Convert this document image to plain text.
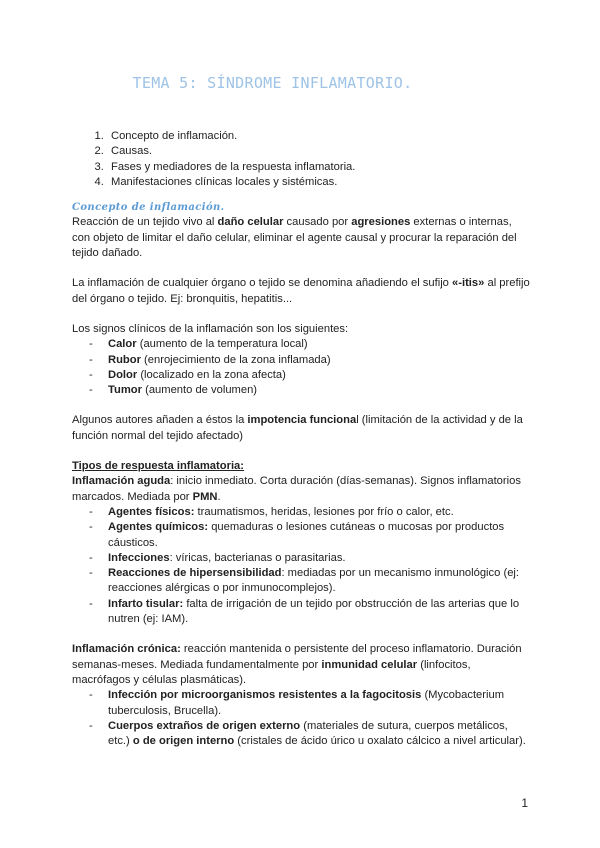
TEMA 5: SÍNDROME INFLAMATORIO.
1. Concepto de inflamación.
2. Causas.
3. Fases y mediadores de la respuesta inflamatoria.
4. Manifestaciones clínicas locales y sistémicas.
Concepto de inflamación.

Reacción de un tejido vivo al daño celular causado por agresiones externas o internas, con objeto de limitar el daño celular, eliminar el agente causal y procurar la reparación del tejido dañado.

La inflamación de cualquier órgano o tejido se denomina añadiendo el sufijo «-itis» al prefijo del órgano o tejido. Ej: bronquitis, hepatitis...

Los signos clínicos de la inflamación son los siguientes:

- Calor (aumento de la temperatura local)
- Rubor (enrojecimiento de la zona inflamada)
- Dolor (localizado en la zona afecta)
- Tumor (aumento de volumen)

Algunos autores añaden a éstos la impotencia funcional (limitación de la actividad y de la función normal del tejido afectado)

Tipos de respuesta inflamatoria:

Inflamación aguda: inicio inmediato. Corta duración (días-semanas). Signos inflamatorios marcados. Mediada por PMN.

- Agentes físicos: traumatismos, heridas, lesiones por frío o calor, etc.
- Agentes químicos: quemaduras o lesiones cutáneas o mucosas por productos cáusticos.
- Infecciones: víricas, bacterianas o parasitarias.
- Reacciones de hipersensibilidad: mediadas por un mecanismo inmunológico (ej: reacciones alérgicas o por inmunocomplejos).
- Infarto tisular: falta de irrigación de un tejido por obstrucción de las arterias que lo nutren (ej: IAM).

Inflamación crónica: reacción mantenida o persistente del proceso inflamatorio. Duración semanas-meses. Mediada fundamentalmente por inmunidad celular (linfocitos, macrófagos y células plasmáticas).

- Infección por microorganismos resistentes a la fagocitosis (Mycobacterium tuberculosis, Brucella).
- Cuerpos extraños de origen externo (materiales de sutura, cuerpos metálicos, etc.) o de origen interno (cristales de ácido úrico u oxalato cálcico a nivel articular).
1
